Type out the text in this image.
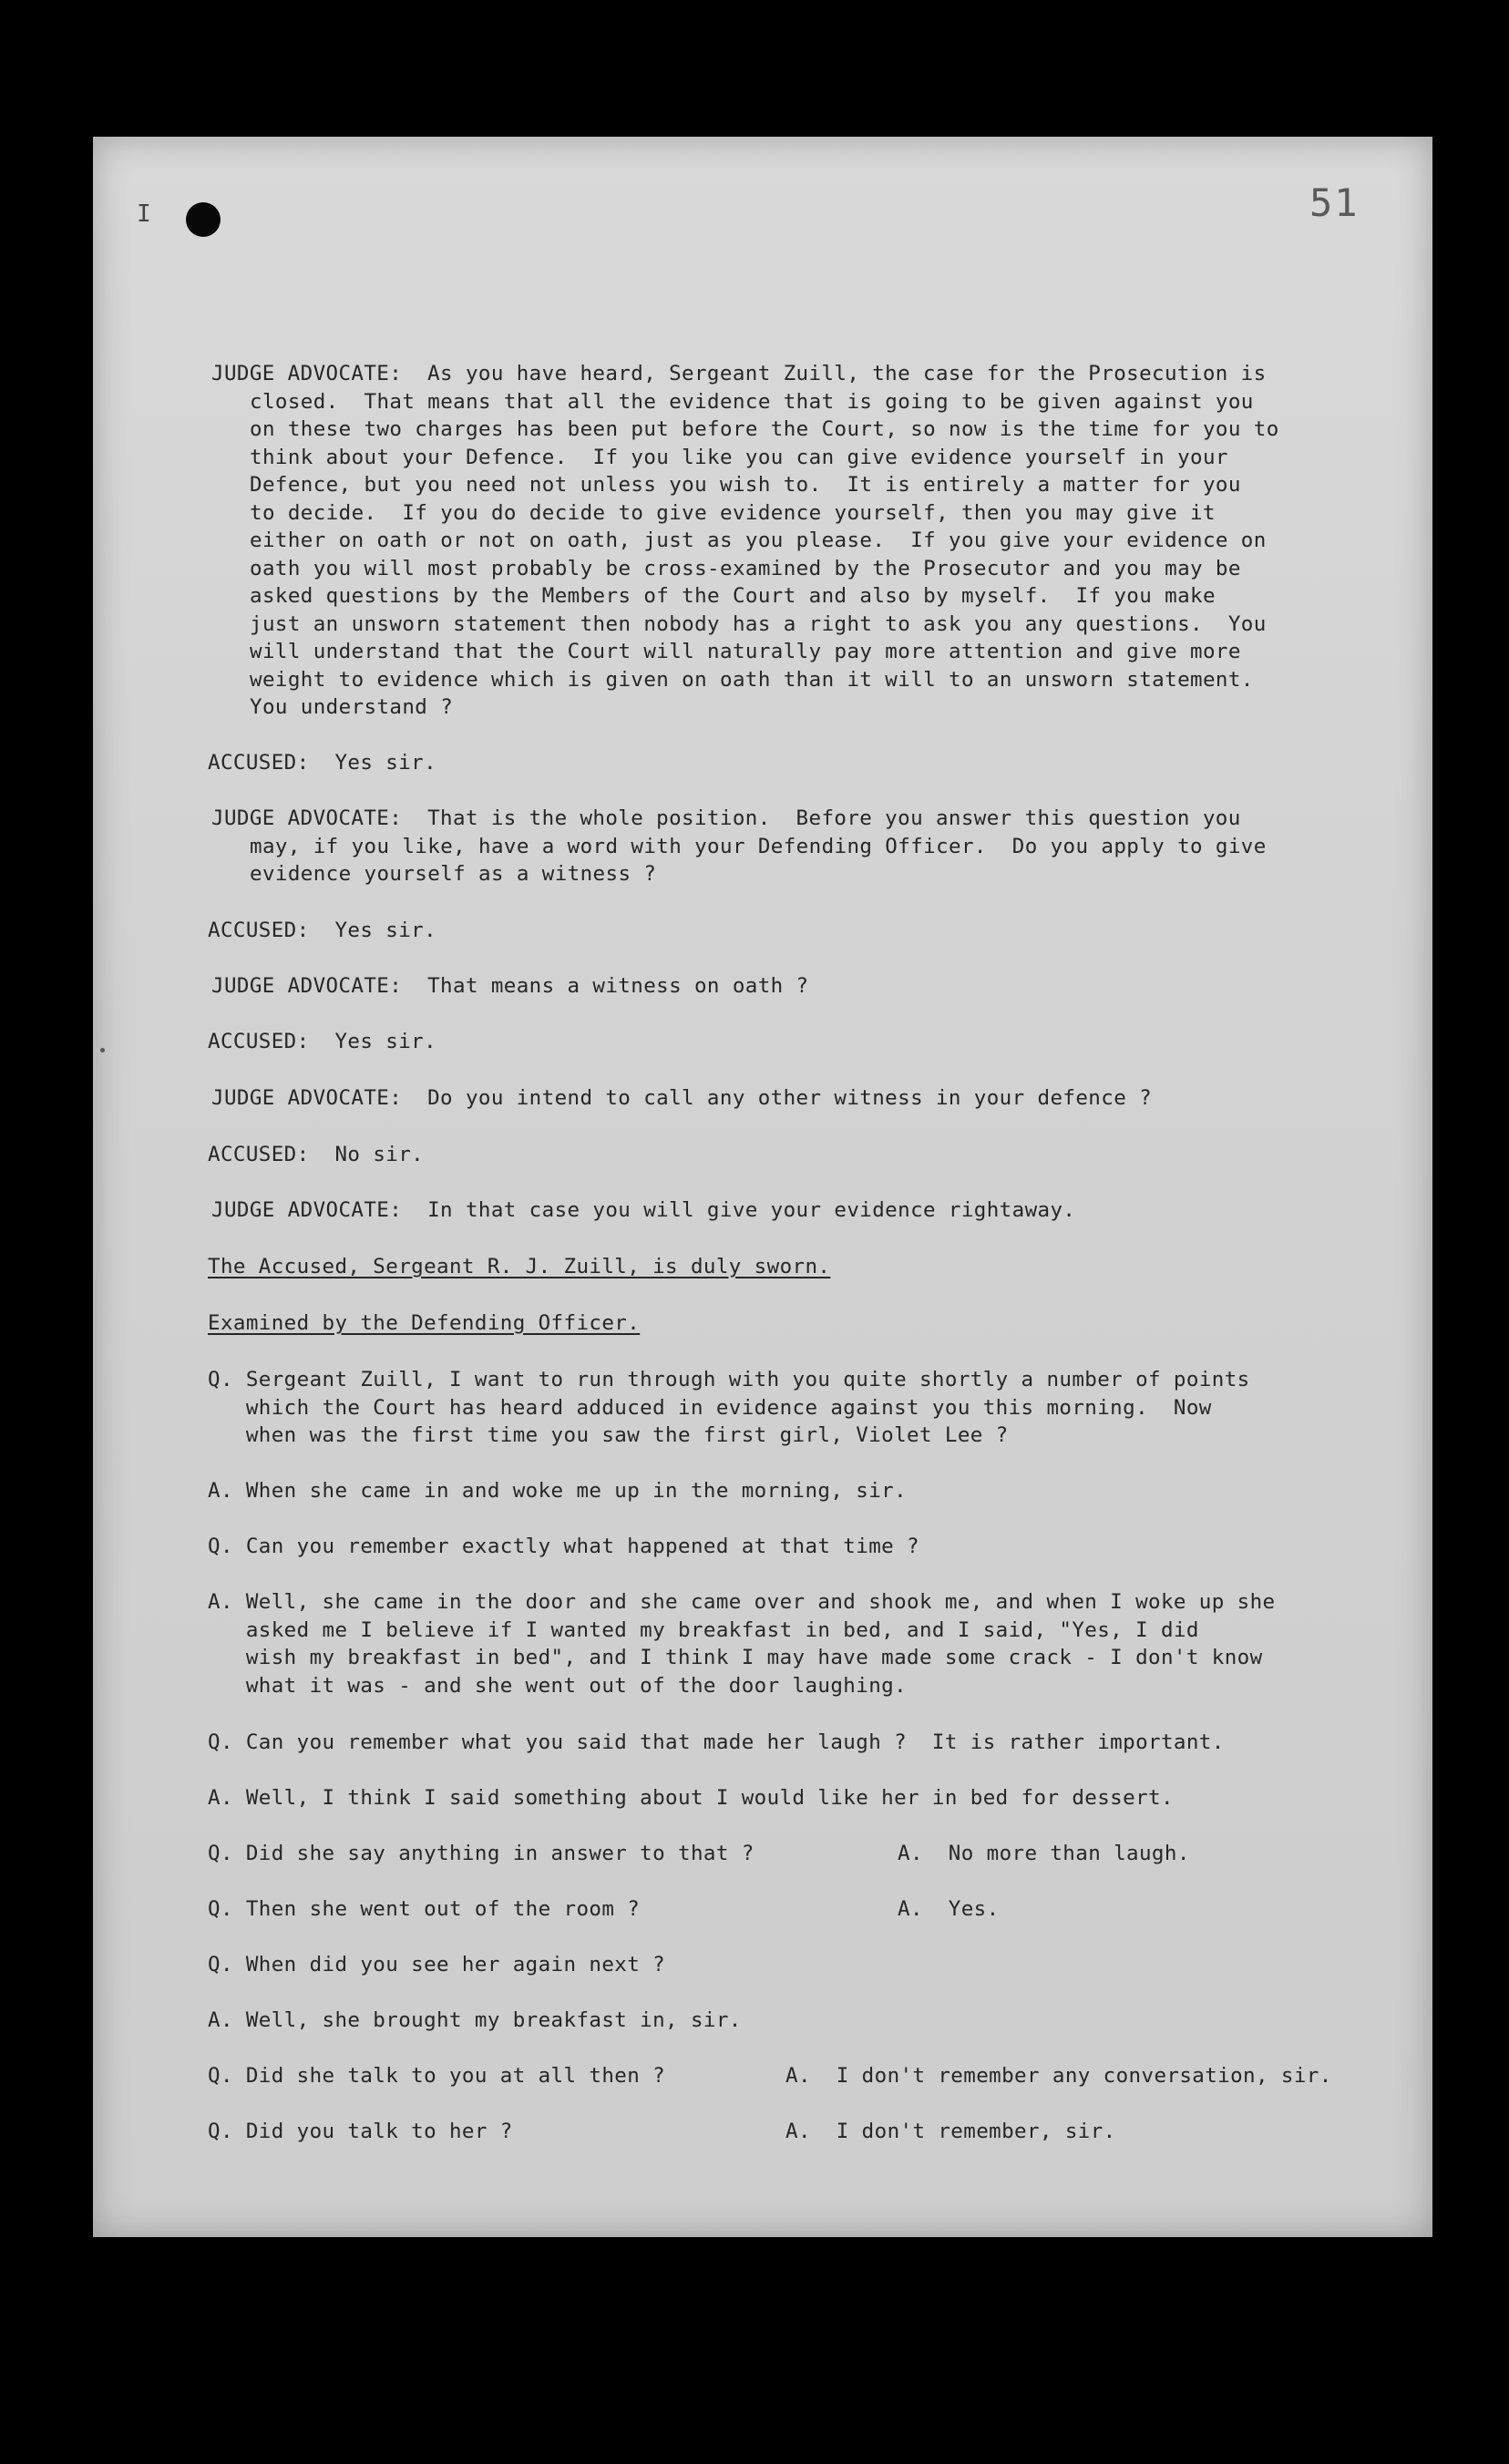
I	51
JUDGE ADVOCATE: As you have heard, Sergeant Zuill, the case for the Prosecution is
closed.  That means that all the evidence that is going to be given against you
on these two charges has been put before the Court, so now is the time for you to
think about your Defence.  If you like you can give evidence yourself in your
Defence, but you need not unless you wish to.  It is entirely a matter for you
to decide.  If you do decide to give evidence yourself, then you may give it
either on oath or not on oath, just as you please.  If you give your evidence on
oath you will most probably be cross-examined by the Prosecutor and you may be
asked questions by the Members of the Court and also by myself.  If you make
just an unsworn statement then nobody has a right to ask you any questions.  You
will understand that the Court will naturally pay more attention and give more
weight to evidence which is given on oath than it will to an unsworn statement.
You understand ?
ACCUSED: Yes sir.
JUDGE ADVOCATE: That is the whole position.  Before you answer this question you
may, if you like, have a word with your Defending Officer.  Do you apply to give
evidence yourself as a witness ?
ACCUSED: Yes sir.
JUDGE ADVOCATE: That means a witness on oath ?
ACCUSED: Yes sir.
JUDGE ADVOCATE: Do you intend to call any other witness in your defence ?
ACCUSED: No sir.
JUDGE ADVOCATE: In that case you will give your evidence rightaway.
The Accused, Sergeant R. J. Zuill, is duly sworn.
Examined by the Defending Officer.
Q. Sergeant Zuill, I want to run through with you quite shortly a number of points
which the Court has heard adduced in evidence against you this morning.  Now
when was the first time you saw the first girl, Violet Lee ?
A. When she came in and woke me up in the morning, sir.
Q. Can you remember exactly what happened at that time ?
A. Well, she came in the door and she came over and shook me, and when I woke up she
asked me I believe if I wanted my breakfast in bed, and I said, "Yes, I did
wish my breakfast in bed", and I think I may have made some crack - I don't know
what it was - and she went out of the door laughing.
Q. Can you remember what you said that made her laugh ?  It is rather important.
A. Well, I think I said something about I would like her in bed for dessert.
Q. Did she say anything in answer to that ?	A.  No more than laugh.
Q. Then she went out of the room ?	A.  Yes.
Q. When did you see her again next ?
A. Well, she brought my breakfast in, sir.
Q. Did she talk to you at all then ?	A.  I don't remember any conversation, sir.
Q. Did you talk to her ?	A.  I don't remember, sir.
